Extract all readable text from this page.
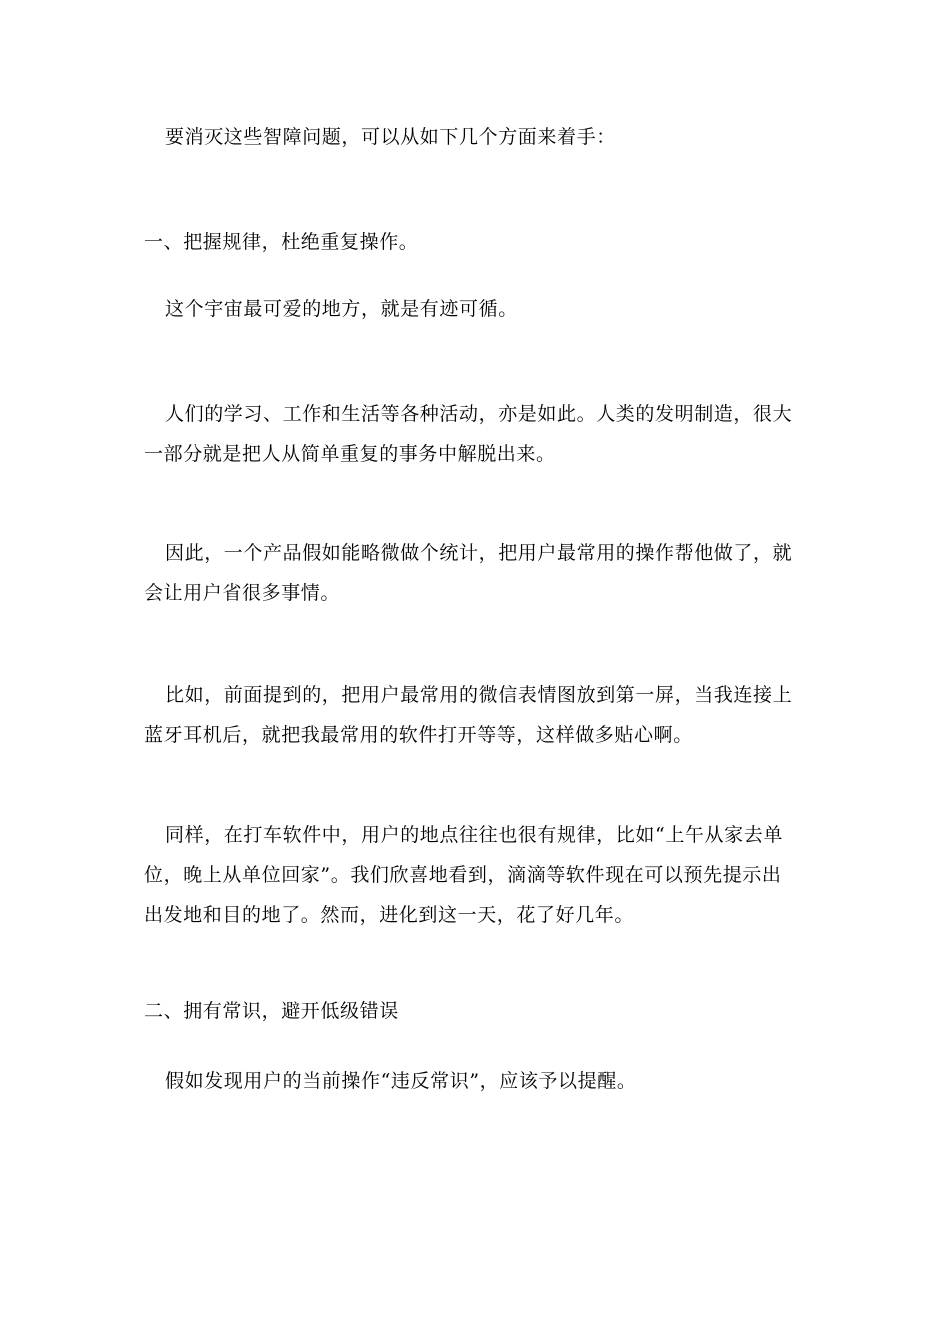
要消灭这些智障问题，可以从如下几个方面来着手：

一、把握规律，杜绝重复操作。

这个宇宙最可爱的地方，就是有迹可循。

人们的学习、工作和生活等各种活动，亦是如此。人类的发明制造，很大一部分就是把人从简单重复的事务中解脱出来。

因此，一个产品假如能略微做个统计，把用户最常用的操作帮他做了，就会让用户省很多事情。

比如，前面提到的，把用户最常用的微信表情图放到第一屏，当我连接上蓝牙耳机后，就把我最常用的软件打开等等，这样做多贴心啊。

同样，在打车软件中，用户的地点往往也很有规律，比如“上午从家去单位，晚上从单位回家”。我们欣喜地看到，滴滴等软件现在可以预先提示出出发地和目的地了。然而，进化到这一天，花了好几年。

二、拥有常识，避开低级错误

假如发现用户的当前操作“违反常识”，应该予以提醒。
